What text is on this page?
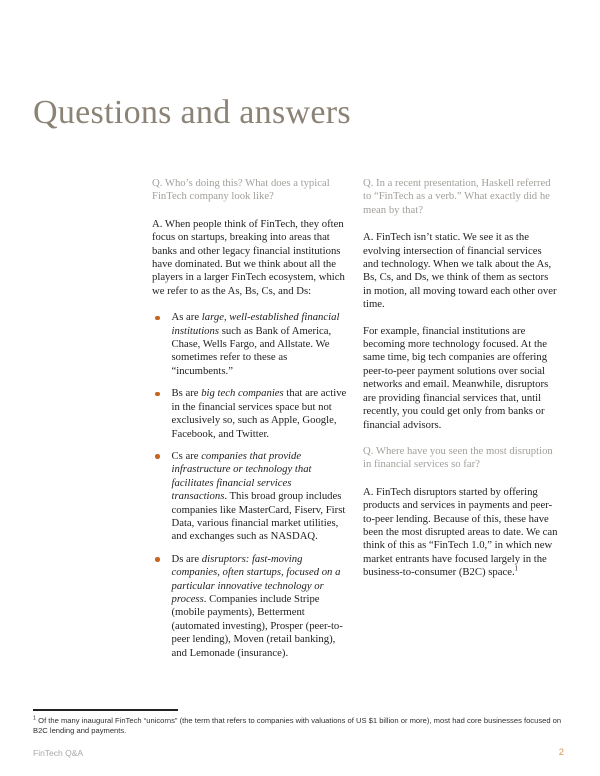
Questions and answers

Q. Who’s doing this? What does a typical FinTech company look like?

A. When people think of FinTech, they often focus on startups, breaking into areas that banks and other legacy financial institutions have dominated. But we think about all the players in a larger FinTech ecosystem, which we refer to as the As, Bs, Cs, and Ds:

As are large, well-established financial institutions such as Bank of America, Chase, Wells Fargo, and Allstate. We sometimes refer to these as “incumbents.”
Bs are big tech companies that are active in the financial services space but not exclusively so, such as Apple, Google, Facebook, and Twitter.
Cs are companies that provide infrastructure or technology that facilitates financial services transactions. This broad group includes companies like MasterCard, Fiserv, First Data, various financial market utilities, and exchanges such as NASDAQ.
Ds are disruptors: fast-moving companies, often startups, focused on a particular innovative technology or process. Companies include Stripe (mobile payments), Betterment (automated investing), Prosper (peer-to-peer lending), Moven (retail banking), and Lemonade (insurance).

Q. In a recent presentation, Haskell referred to “FinTech as a verb.” What exactly did he mean by that?

A. FinTech isn’t static. We see it as the evolving intersection of financial services and technology. When we talk about the As, Bs, Cs, and Ds, we think of them as sectors in motion, all moving toward each other over time.

For example, financial institutions are becoming more technology focused. At the same time, big tech companies are offering peer-to-peer payment solutions over social networks and email. Meanwhile, disruptors are providing financial services that, until recently, you could get only from banks or financial advisors.

Q. Where have you seen the most disruption in financial services so far?

A. FinTech disruptors started by offering products and services in payments and peer-to-peer lending. Because of this, these have been the most disrupted areas to date. We can think of this as “FinTech 1.0,” in which new market entrants have focused largely in the business-to-consumer (B2C) space.$^1$

$^1$ Of the many inaugural FinTech “unicorns” (the term that refers to companies with valuations of US $1 billion or more), most had core businesses focused on B2C lending and payments.

FinTech Q&A	2
